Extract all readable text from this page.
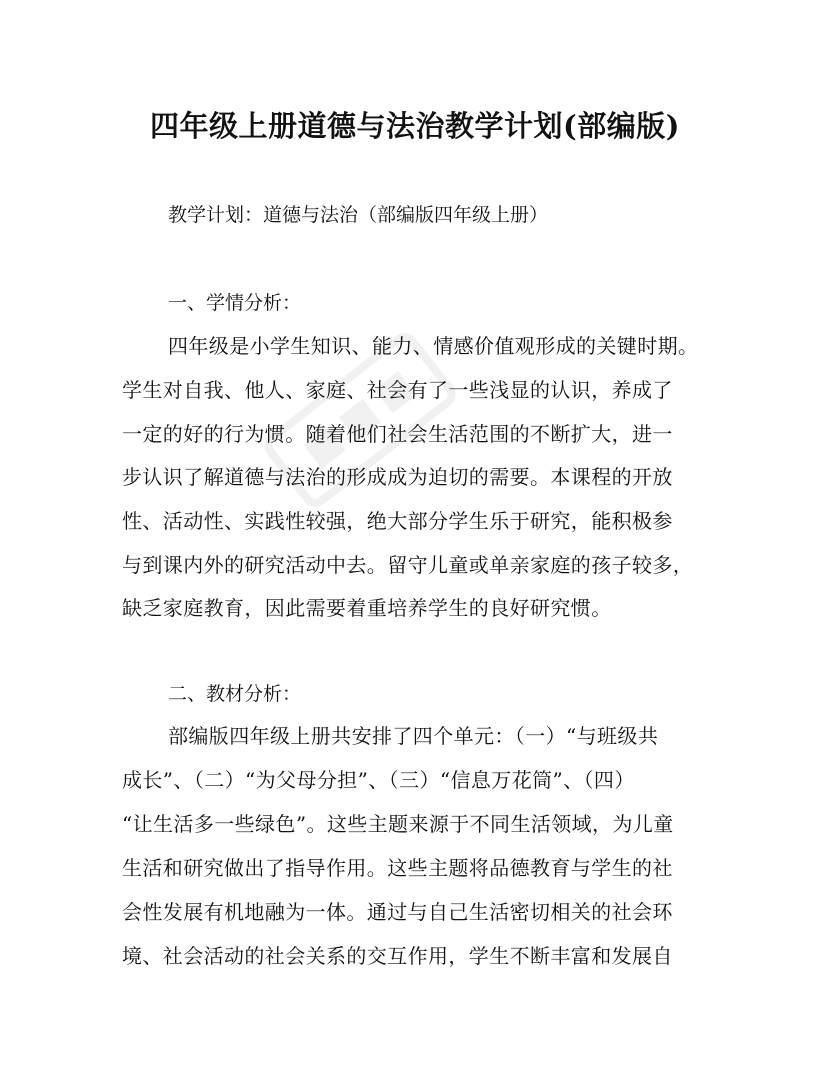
四年级上册道德与法治教学计划(部编版)
教学计划：道德与法治（部编版四年级上册）
一、学情分析：
四年级是小学生知识、能力、情感价值观形成的关键时期。
学生对自我、他人、家庭、社会有了一些浅显的认识，养成了
一定的好的行为惯。随着他们社会生活范围的不断扩大，进一
步认识了解道德与法治的形成成为迫切的需要。本课程的开放
性、活动性、实践性较强，绝大部分学生乐于研究，能积极参
与到课内外的研究活动中去。留守儿童或单亲家庭的孩子较多，
缺乏家庭教育，因此需要着重培养学生的良好研究惯。
二、教材分析：
部编版四年级上册共安排了四个单元：（一）“与班级共
成长”、（二）“为父母分担”、（三）“信息万花筒”、（四）
“让生活多一些绿色”。这些主题来源于不同生活领域，为儿童
生活和研究做出了指导作用。这些主题将品德教育与学生的社
会性发展有机地融为一体。通过与自己生活密切相关的社会环
境、社会活动的社会关系的交互作用，学生不断丰富和发展自
